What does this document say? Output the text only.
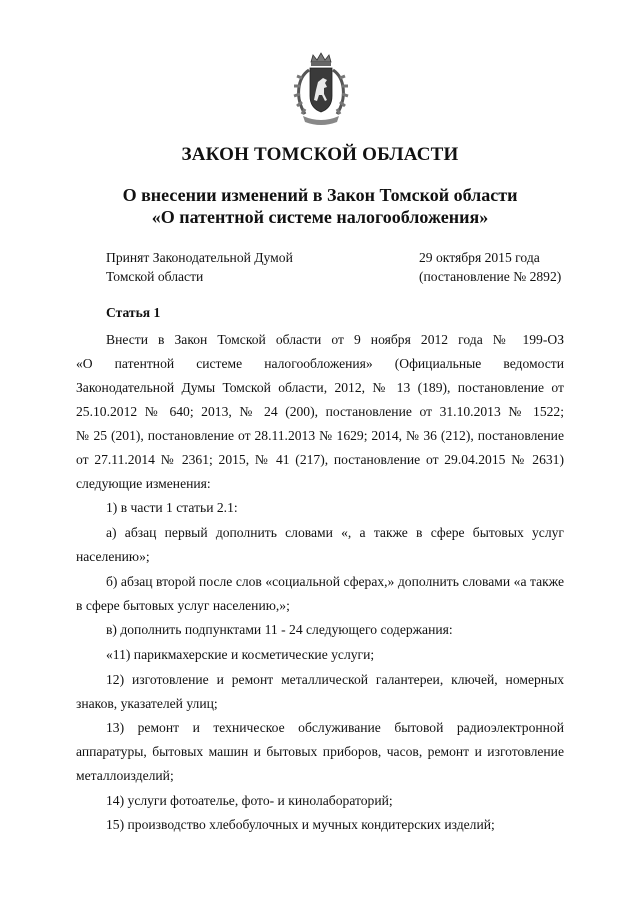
ЗАКОН ТОМСКОЙ ОБЛАСТИ
О внесении изменений в Закон Томской области
«О патентной системе налогообложения»
Принят Законодательной Думой
Томской области
29 октября 2015 года
(постановление № 2892)
Статья 1
Внести в Закон Томской области от 9 ноября 2012 года № 199-ОЗ
«О патентной системе налогообложения» (Официальные ведомости
Законодательной Думы Томской области, 2012, № 13 (189), постановление от
25.10.2012 № 640; 2013, № 24 (200), постановление от 31.10.2013 № 1522;
№ 25 (201), постановление от 28.11.2013 № 1629; 2014, № 36 (212), постановление
от 27.11.2014 № 2361; 2015, № 41 (217), постановление от 29.04.2015 № 2631)
следующие изменения:
1) в части 1 статьи 2.1:
а) абзац первый дополнить словами «, а также в сфере бытовых услуг
населению»;
б) абзац второй после слов «социальной сферах,» дополнить словами «а также
в сфере бытовых услуг населению,»;
в) дополнить подпунктами 11 - 24 следующего содержания:
«11) парикмахерские и косметические услуги;
12) изготовление и ремонт металлической галантереи, ключей, номерных
знаков, указателей улиц;
13) ремонт и техническое обслуживание бытовой радиоэлектронной
аппаратуры, бытовых машин и бытовых приборов, часов, ремонт и изготовление
металлоизделий;
14) услуги фотоателье, фото- и кинолабораторий;
15) производство хлебобулочных и мучных кондитерских изделий;
